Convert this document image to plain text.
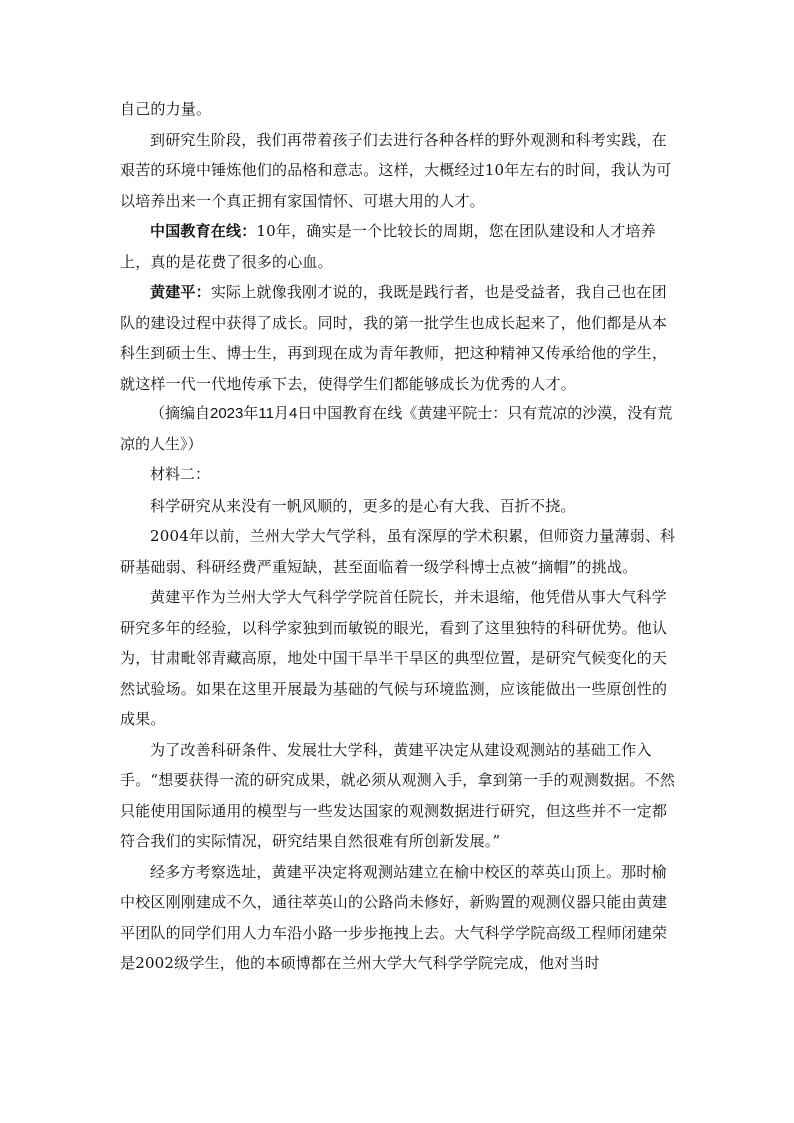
自己的力量。

到研究生阶段，我们再带着孩子们去进行各种各样的野外观测和科考实践，在艰苦的环境中锤炼他们的品格和意志。这样，大概经过10年左右的时间，我认为可以培养出来一个真正拥有家国情怀、可堪大用的人才。

中国教育在线：10年，确实是一个比较长的周期，您在团队建设和人才培养上，真的是花费了很多的心血。

黄建平：实际上就像我刚才说的，我既是践行者，也是受益者，我自己也在团队的建设过程中获得了成长。同时，我的第一批学生也成长起来了，他们都是从本科生到硕士生、博士生，再到现在成为青年教师，把这种精神又传承给他的学生，就这样一代一代地传承下去，使得学生们都能够成长为优秀的人才。

（摘编自2023年11月4日中国教育在线《黄建平院士：只有荒凉的沙漠，没有荒凉的人生》）

材料二：

科学研究从来没有一帆风顺的，更多的是心有大我、百折不挠。

2004年以前，兰州大学大气学科，虽有深厚的学术积累，但师资力量薄弱、科研基础弱、科研经费严重短缺，甚至面临着一级学科博士点被“摘帽”的挑战。

黄建平作为兰州大学大气科学学院首任院长，并未退缩，他凭借从事大气科学研究多年的经验，以科学家独到而敏锐的眼光，看到了这里独特的科研优势。他认为，甘肃毗邻青藏高原，地处中国干旱半干旱区的典型位置，是研究气候变化的天然试验场。如果在这里开展最为基础的气候与环境监测，应该能做出一些原创性的成果。

为了改善科研条件、发展壮大学科，黄建平决定从建设观测站的基础工作入手。“想要获得一流的研究成果，就必须从观测入手，拿到第一手的观测数据。不然只能使用国际通用的模型与一些发达国家的观测数据进行研究，但这些并不一定都符合我们的实际情况，研究结果自然很难有所创新发展。”

经多方考察选址，黄建平决定将观测站建立在榆中校区的萃英山顶上。那时榆中校区刚刚建成不久，通往萃英山的公路尚未修好，新购置的观测仪器只能由黄建平团队的同学们用人力车沿小路一步步拖拽上去。大气科学学院高级工程师闭建荣是2002级学生，他的本硕博都在兰州大学大气科学学院完成，他对当时
